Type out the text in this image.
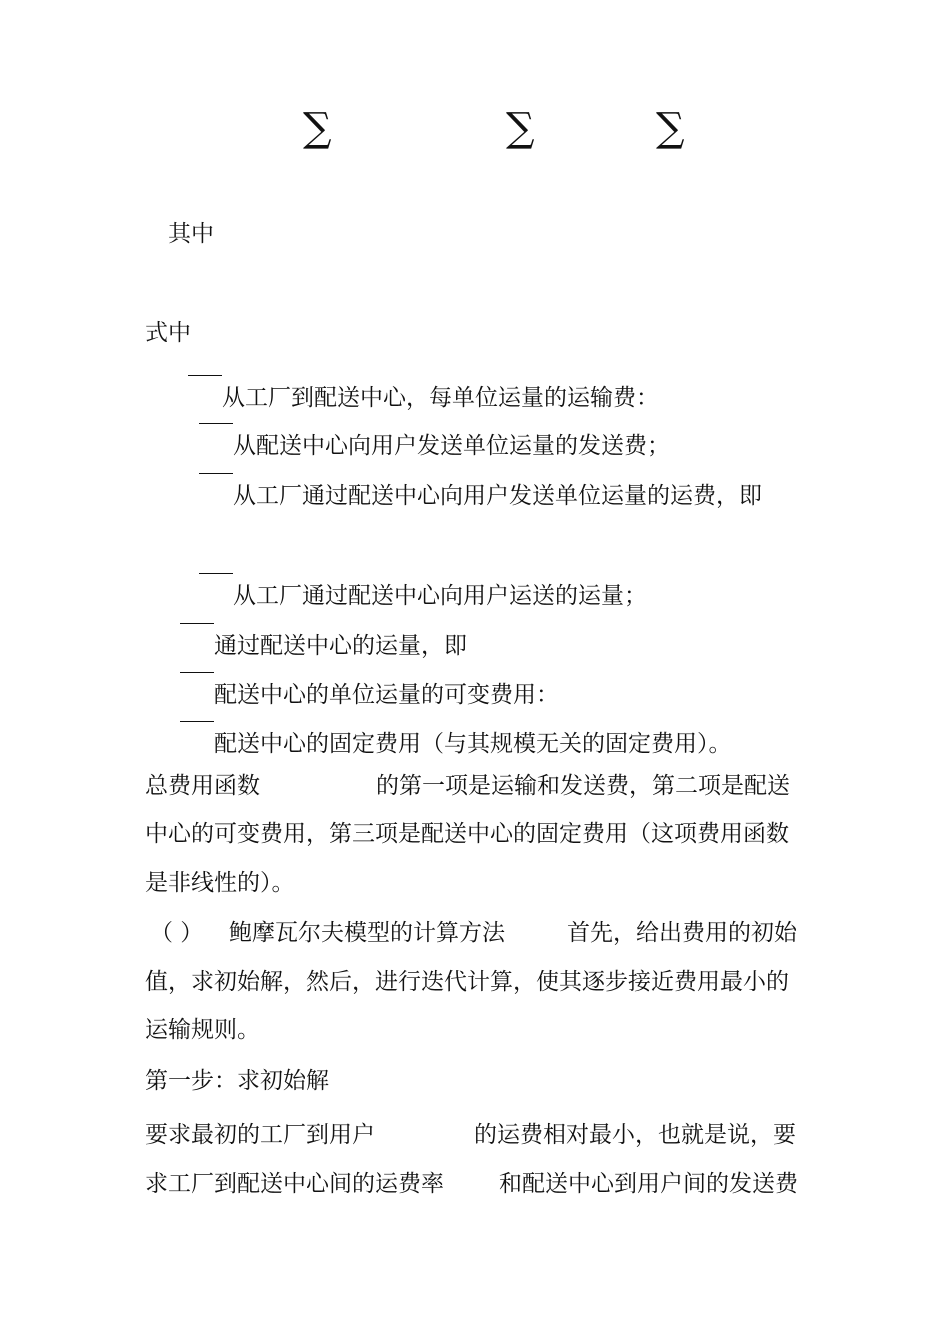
∑	∑	∑
其中
式中
从工厂到配送中心，每单位运量的运输费：
从配送中心向用户发送单位运量的发送费；
从工厂通过配送中心向用户发送单位运量的运费，即
从工厂通过配送中心向用户运送的运量；
通过配送中心的运量，即
配送中心的单位运量的可变费用：
配送中心的固定费用（与其规模无关的固定费用）。
总费用函数	的第一项是运输和发送费，第二项是配送
中心的可变费用，第三项是配送中心的固定费用（这项费用函数
是非线性的）。
（ ） 鲍摩瓦尔夫模型的计算方法	首先，给出费用的初始
值，求初始解，然后，进行迭代计算，使其逐步接近费用最小的
运输规则。
第一步：求初始解
要求最初的工厂到用户	的运费相对最小，也就是说，要
求工厂到配送中心间的运费率 和配送中心到用户间的发送费
